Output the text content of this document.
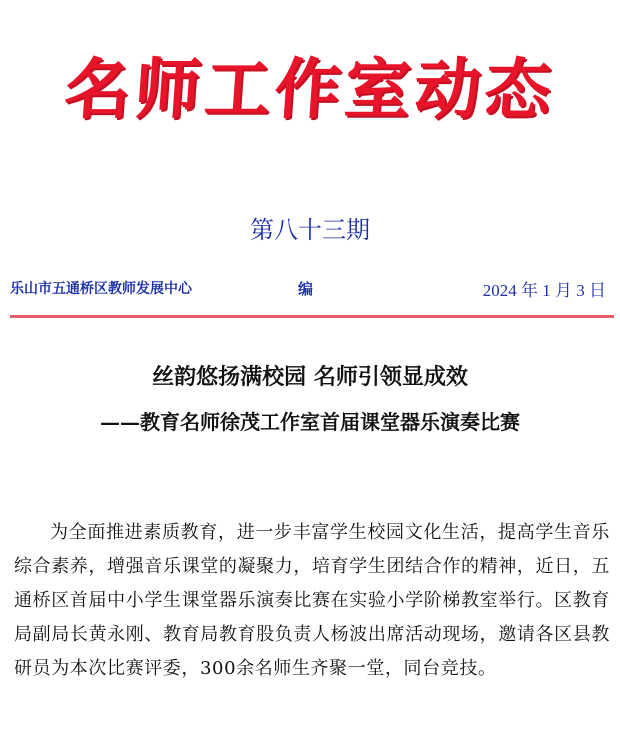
名师工作室动态
第八十三期
乐山市五通桥区教师发展中心	编	2024 年 1 月 3 日
丝韵悠扬满校园 名师引领显成效
——教育名师徐茂工作室首届课堂器乐演奏比赛

为全面推进素质教育，进一步丰富学生校园文化生活，提高学生音乐综合素养，增强音乐课堂的凝聚力，培育学生团结合作的精神，近日，五通桥区首届中小学生课堂器乐演奏比赛在实验小学阶梯教室举行。区教育局副局长黄永刚、教育局教育股负责人杨波出席活动现场，邀请各区县教研员为本次比赛评委，300余名师生齐聚一堂，同台竞技。
